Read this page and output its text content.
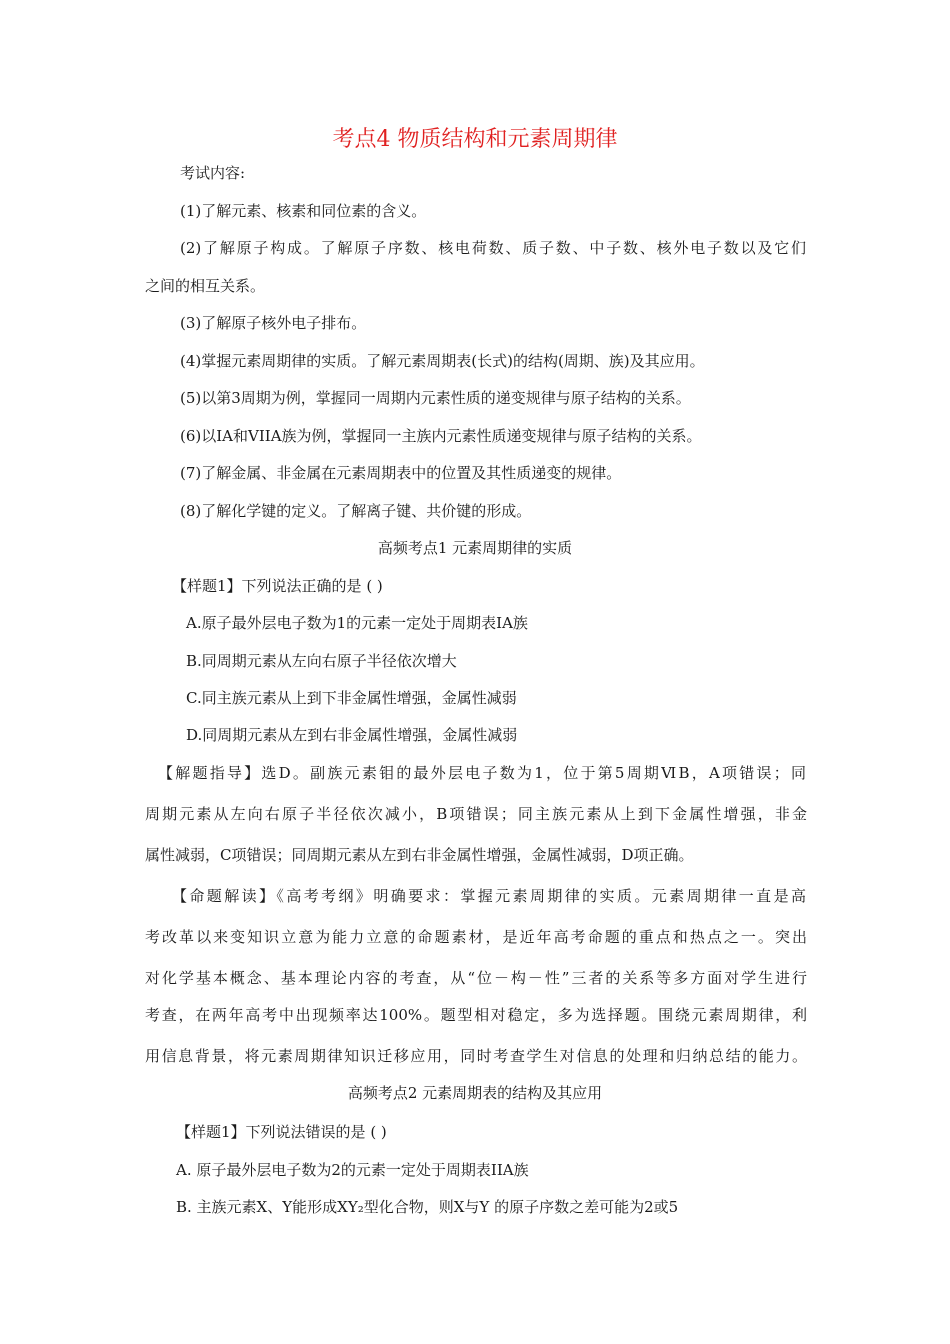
考点4 物质结构和元素周期律
考试内容:
(1)了解元素、核素和同位素的含义。
(2)了解原子构成。了解原子序数、核电荷数、质子数、中子数、核外电子数以及它们
之间的相互关系。
(3)了解原子核外电子排布。
(4)掌握元素周期律的实质。了解元素周期表(长式)的结构(周期、族)及其应用。
(5)以第3周期为例，掌握同一周期内元素性质的递变规律与原子结构的关系。
(6)以IA和VIIA族为例，掌握同一主族内元素性质递变规律与原子结构的关系。
(7)了解金属、非金属在元素周期表中的位置及其性质递变的规律。
(8)了解化学键的定义。了解离子键、共价键的形成。
高频考点1 元素周期律的实质
【样题1】下列说法正确的是 ( )
A.原子最外层电子数为1的元素一定处于周期表ⅠA族
B.同周期元素从左向右原子半径依次增大
C.同主族元素从上到下非金属性增强，金属性减弱
D.同周期元素从左到右非金属性增强，金属性减弱
【解题指导】选D。副族元素钼的最外层电子数为1，位于第5周期ⅥB，A项错误；同
周期元素从左向右原子半径依次减小，B项错误；同主族元素从上到下金属性增强，非金
属性减弱，C项错误；同周期元素从左到右非金属性增强，金属性减弱，D项正确。
【命题解读】《高考考纲》明确要求：掌握元素周期律的实质。元素周期律一直是高
考改革以来变知识立意为能力立意的命题素材，是近年高考命题的重点和热点之一。突出
对化学基本概念、基本理论内容的考查，从“位－构－性”三者的关系等多方面对学生进行
考查，在两年高考中出现频率达100%。题型相对稳定，多为选择题。围绕元素周期律，利
用信息背景，将元素周期律知识迁移应用，同时考查学生对信息的处理和归纳总结的能力。
高频考点2 元素周期表的结构及其应用
【样题1】下列说法错误的是 ( )
A. 原子最外层电子数为2的元素一定处于周期表IIA族
B. 主族元素X、Y能形成XY₂型化合物，则X与Y 的原子序数之差可能为2或5
